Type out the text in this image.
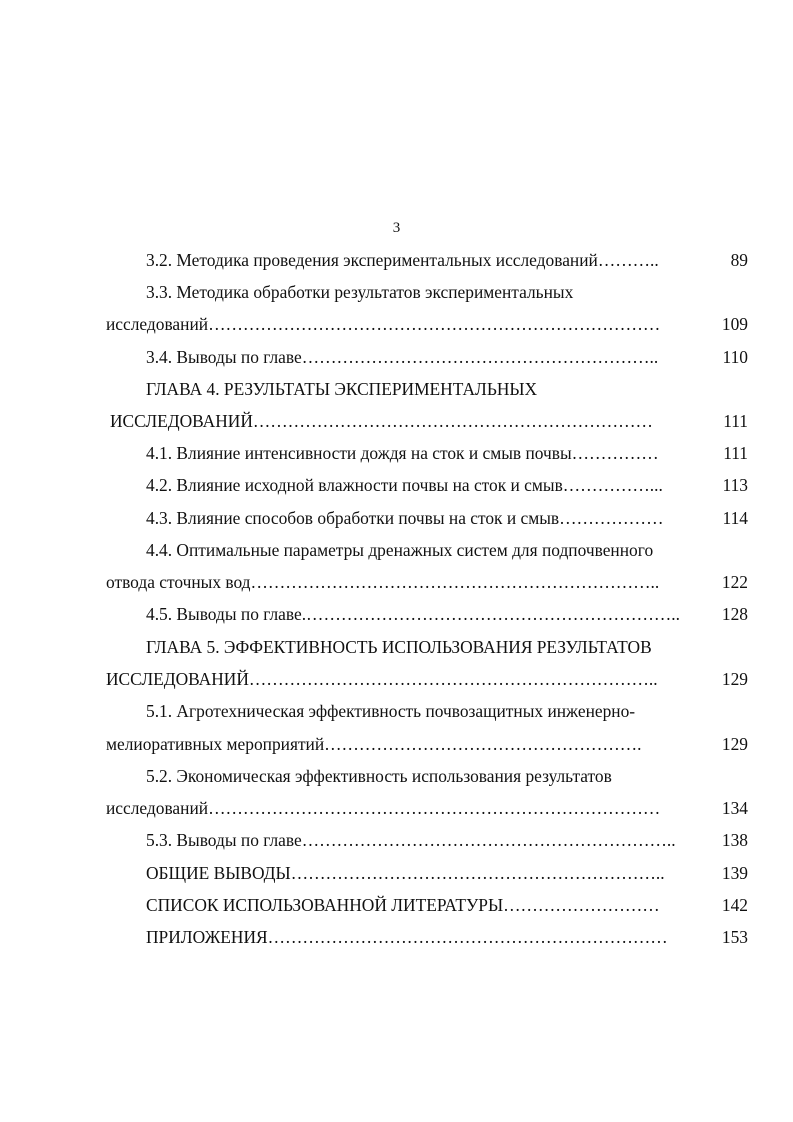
3
3.2. Методика проведения экспериментальных исследований………..	89
3.3. Методика обработки результатов экспериментальных
исследований……………………………………………………………………	109
3.4. Выводы по главе……………………………………………………..	110
ГЛАВА 4. РЕЗУЛЬТАТЫ ЭКСПЕРИМЕНТАЛЬНЫХ
ИССЛЕДОВАНИЙ……………………………………………………………	111
4.1. Влияние интенсивности дождя на сток и смыв почвы……………	111
4.2. Влияние исходной влажности почвы на сток и смыв……………...	113
4.3. Влияние способов обработки почвы на сток и смыв………………	114
4.4. Оптимальные параметры дренажных систем для подпочвенного
отвода сточных вод……………………………………………………………..	122
4.5. Выводы по главе.………………………………………………………..	128
ГЛАВА 5. ЭФФЕКТИВНОСТЬ ИСПОЛЬЗОВАНИЯ РЕЗУЛЬТАТОВ
ИССЛЕДОВАНИЙ……………………………………………………………..	129
5.1. Агротехническая эффективность почвозащитных инженерно-
мелиоративных мероприятий……………………………………………….	129
5.2. Экономическая эффективность использования результатов
исследований……………………………………………………………………	134
5.3. Выводы по главе………………………………………………………..	138
ОБЩИЕ ВЫВОДЫ………………………………………………………..	139
СПИСОК ИСПОЛЬЗОВАННОЙ ЛИТЕРАТУРЫ………………………	142
ПРИЛОЖЕНИЯ……………………………………………………………	153
